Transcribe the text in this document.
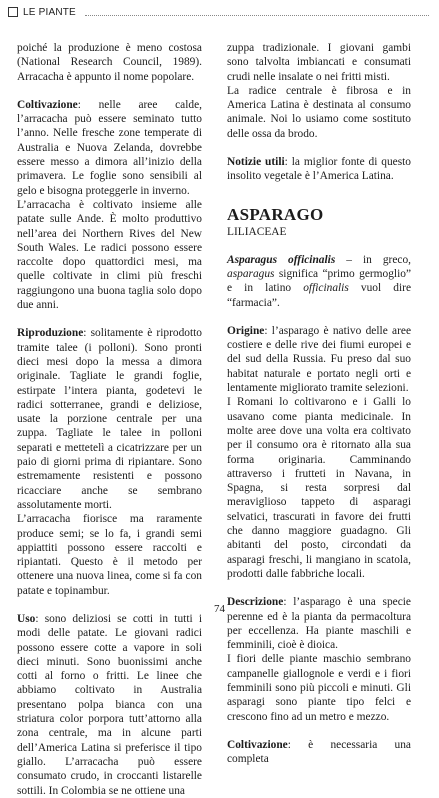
LE PIANTE

poiché la produzione è meno costosa (National Research Council, 1989). Arracacha è appunto il nome popolare.

Coltivazione: nelle aree calde, l’arracacha può essere seminato tutto l’anno. Nelle fresche zone temperate di Australia e Nuova Zelanda, dovrebbe essere messo a dimora all’inizio della primavera. Le foglie sono sensibili al gelo e bisogna proteggerle in inverno.

L’arracacha è coltivato insieme alle patate sulle Ande. È molto produttivo nell’area dei Northern Rives del New South Wales. Le radici possono essere raccolte dopo quattordici mesi, ma quelle coltivate in climi più freschi raggiungono una buona taglia solo dopo due anni.

Riproduzione: solitamente è riprodotto tramite talee (i polloni). Sono pronti dieci mesi dopo la messa a dimora originale. Tagliate le grandi foglie, estirpate l’intera pianta, godetevi le radici sotterranee, grandi e deliziose, usate la porzione centrale per una zuppa. Tagliate le talee in polloni separati e mettetelì a cicatrizzare per un paio di giorni prima di ripiantare. Sono estremamente resistenti e possono ricacciare anche se sembrano assolutamente morti.

L’arracacha fiorisce ma raramente produce semi; se lo fa, i grandi semi appiattiti possono essere raccolti e ripiantati. Questo è il metodo per ottenere una nuova linea, come si fa con patate e topinambur.

Uso: sono deliziosi se cotti in tutti i modi delle patate. Le giovani radici possono essere cotte a vapore in soli dieci minuti. Sono buonissimi anche cotti al forno o fritti. Le linee che abbiamo coltivato in Australia presentano polpa bianca con una striatura color porpora tutt’attorno alla zona centrale, ma in alcune parti dell’America Latina si preferisce il tipo giallo. L’arracacha può essere consumato crudo, in croccanti listarelle sottili. In Colombia se ne ottiene una

zuppa tradizionale. I giovani gambi sono talvolta imbiancati e consumati crudi nelle insalate o nei fritti misti.

La radice centrale è fibrosa e in America Latina è destinata al consumo animale. Noi lo usiamo come sostituto delle ossa da brodo.

Notizie utili: la miglior fonte di questo insolito vegetale è l’America Latina.

ASPARAGO

LILIACEAE

Asparagus officinalis – in greco, asparagus significa “primo germoglio” e in latino officinalis vuol dire “farmacia”.

Origine: l’asparago è nativo delle aree costiere e delle rive dei fiumi europei e del sud della Russia. Fu preso dal suo habitat naturale e portato negli orti e lentamente migliorato tramite selezioni.

I Romani lo coltivarono e i Galli lo usavano come pianta medicinale. In molte aree dove una volta era coltivato per il consumo ora è ritornato alla sua forma originaria. Camminando attraverso i frutteti in Navana, in Spagna, si resta sorpresi dal meraviglioso tappeto di asparagi selvatici, trascurati in favore dei frutti che danno maggiore guadagno. Gli abitanti del posto, circondati da asparagi freschi, li mangiano in scatola, prodotti dalle fabbriche locali.

Descrizione: l’asparago è una specie perenne ed è la pianta da permacoltura per eccellenza. Ha piante maschili e femminili, cioè è dioica.

I fiori delle piante maschio sembrano campanelle giallognole e verdi e i fiori femminili sono più piccoli e minuti. Gli asparagi sono piante tipo felci e crescono fino ad un metro e mezzo.

Coltivazione: è necessaria una completa

74
